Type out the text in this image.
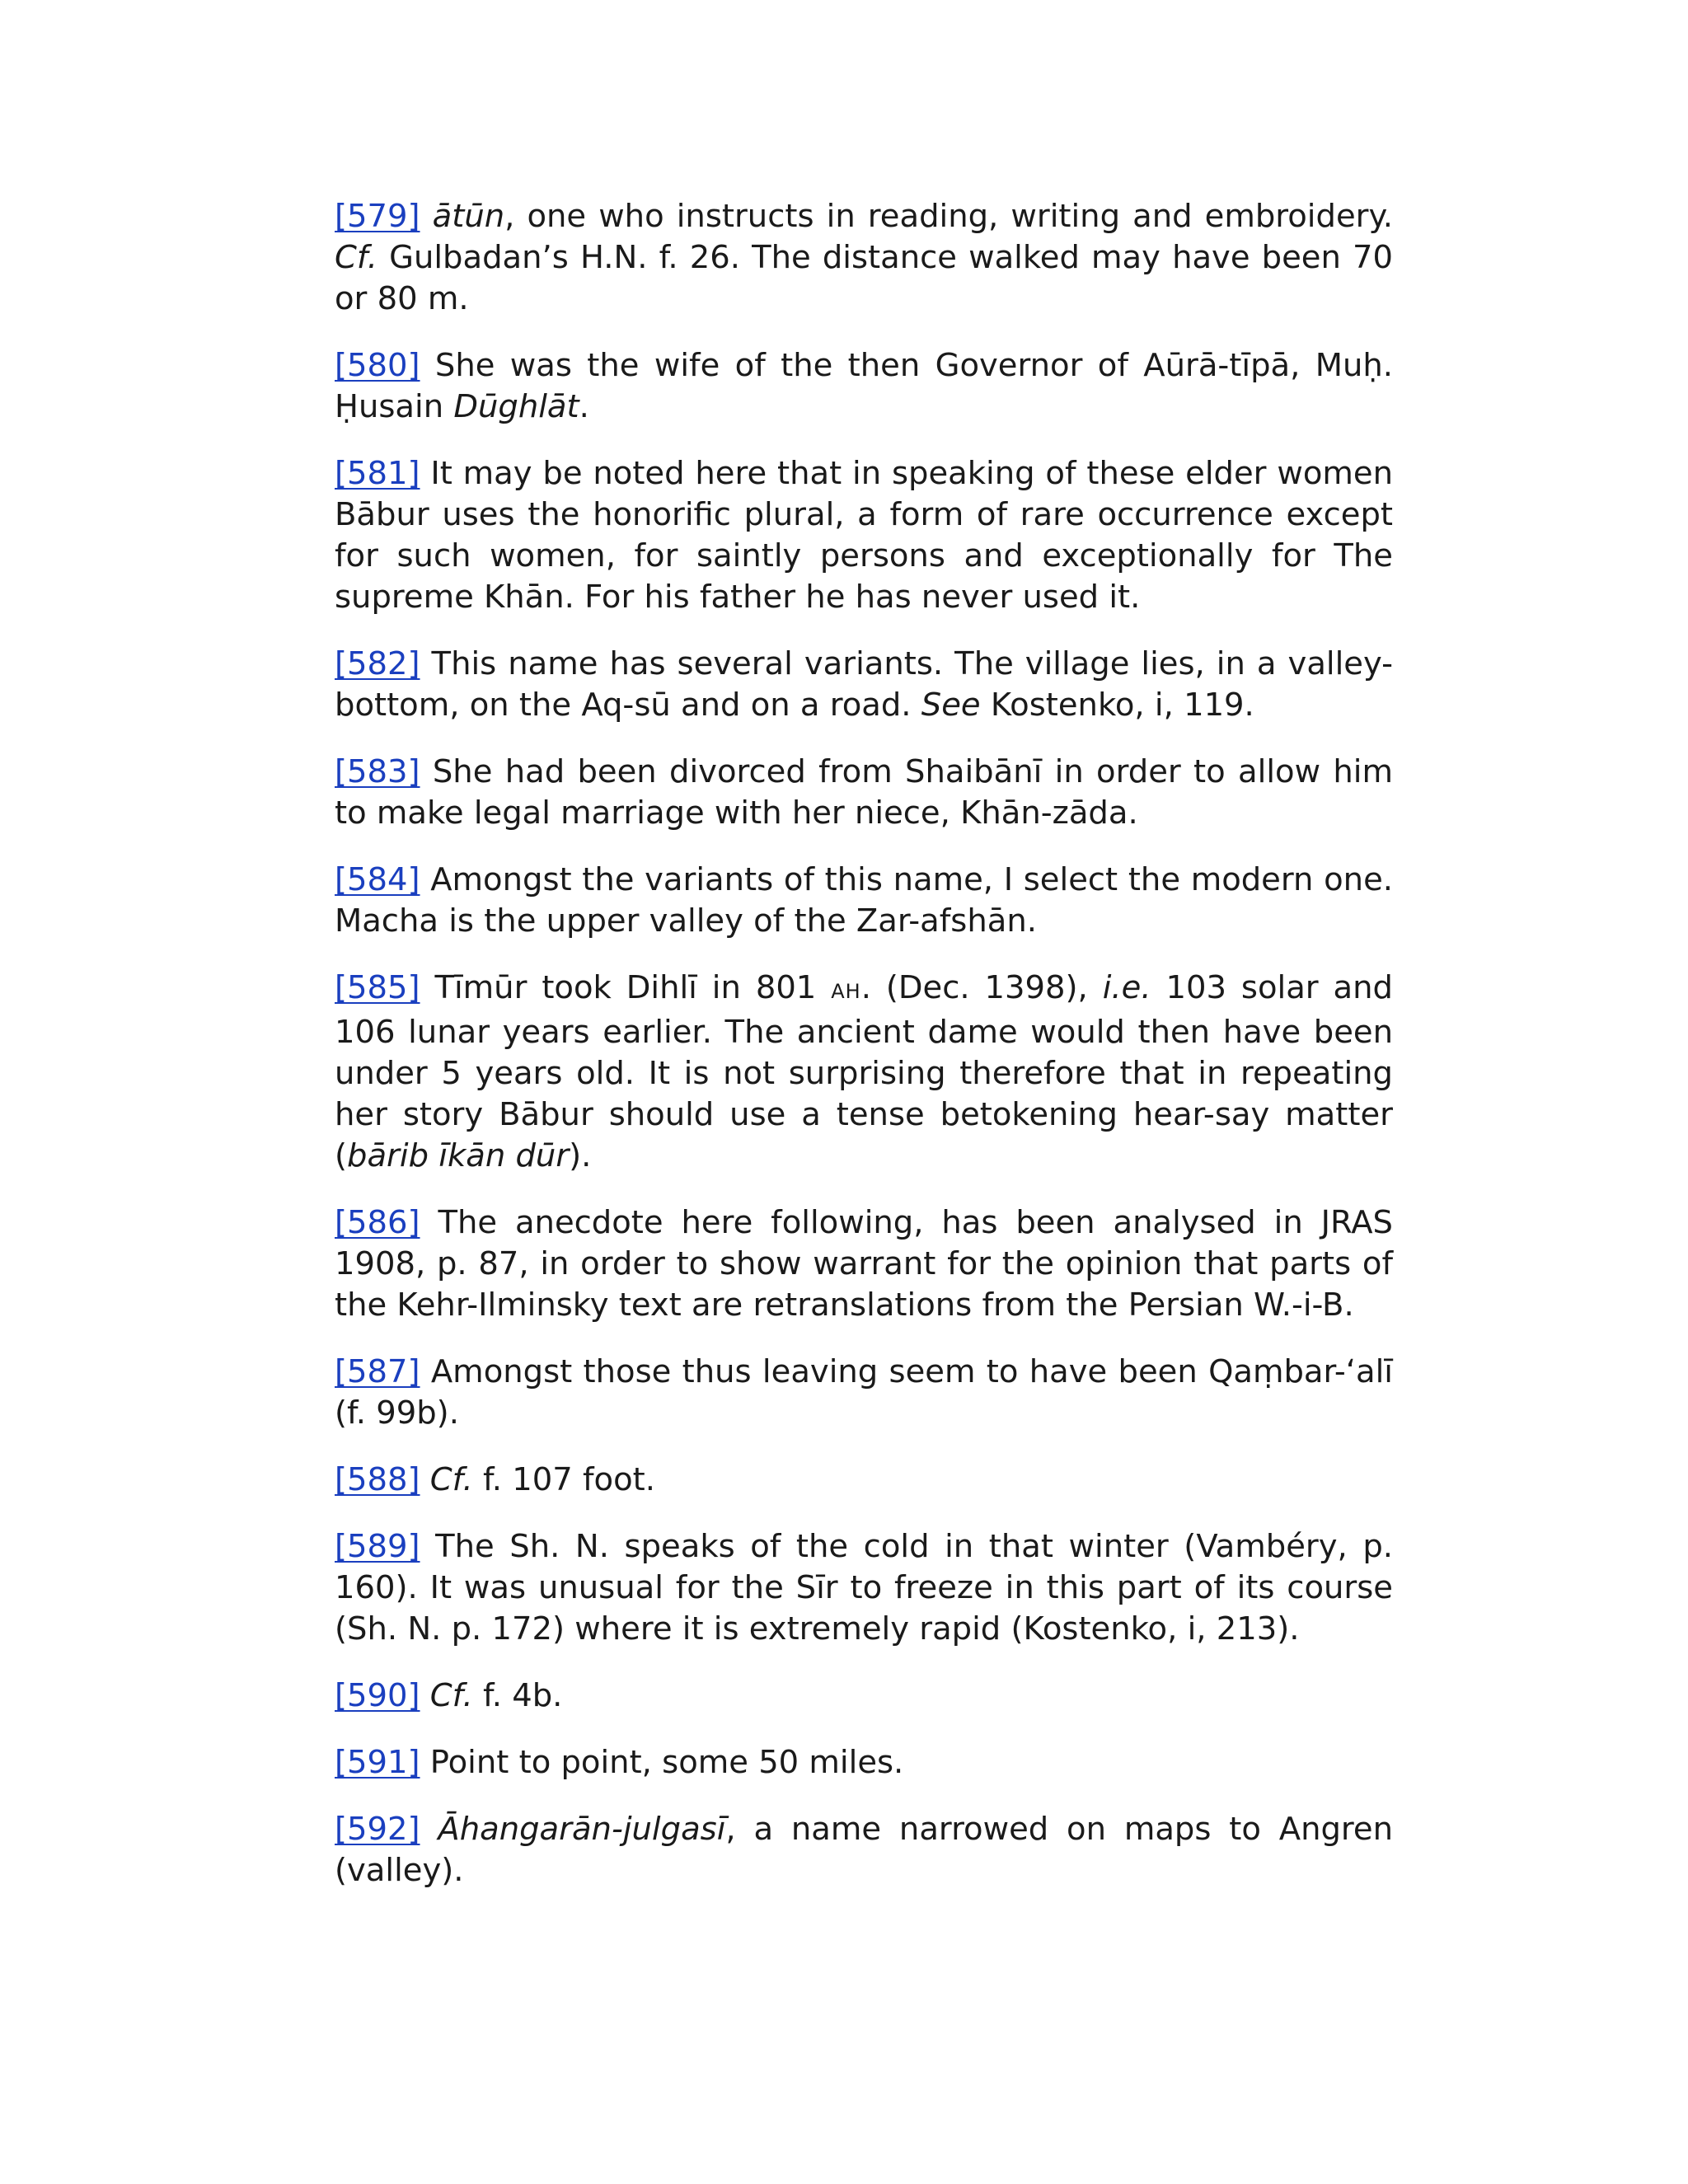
[579] ātūn, one who instructs in reading, writing and embroidery. Cf. Gulbadan’s H.N. f. 26. The distance walked may have been 70 or 80 m.

[580] She was the wife of the then Governor of Aūrā-tīpā, Muḥ. Ḥusain Dūghlāt.

[581] It may be noted here that in speaking of these elder women Bābur uses the honorific plural, a form of rare occurrence except for such women, for saintly persons and exceptionally for The supreme Khān. For his father he has never used it.

[582] This name has several variants. The village lies, in a valley-bottom, on the Aq-sū and on a road. See Kostenko, i, 119.

[583] She had been divorced from Shaibānī in order to allow him to make legal marriage with her niece, Khān-zāda.

[584] Amongst the variants of this name, I select the modern one. Macha is the upper valley of the Zar-afshān.

[585] Tīmūr took Dihlī in 801 AH. (Dec. 1398), i.e. 103 solar and 106 lunar years earlier. The ancient dame would then have been under 5 years old. It is not surprising therefore that in repeating her story Bābur should use a tense betokening hear-say matter (bārib īkān dūr).

[586] The anecdote here following, has been analysed in JRAS 1908, p. 87, in order to show warrant for the opinion that parts of the Kehr-Ilminsky text are retranslations from the Persian W.-i-B.

[587] Amongst those thus leaving seem to have been Qaṃbar-‘alī (f. 99b).

[588] Cf. f. 107 foot.

[589] The Sh. N. speaks of the cold in that winter (Vambéry, p. 160). It was unusual for the Sīr to freeze in this part of its course (Sh. N. p. 172) where it is extremely rapid (Kostenko, i, 213).

[590] Cf. f. 4b.

[591] Point to point, some 50 miles.

[592] Āhangarān-julgasī, a name narrowed on maps to Angren (valley).
